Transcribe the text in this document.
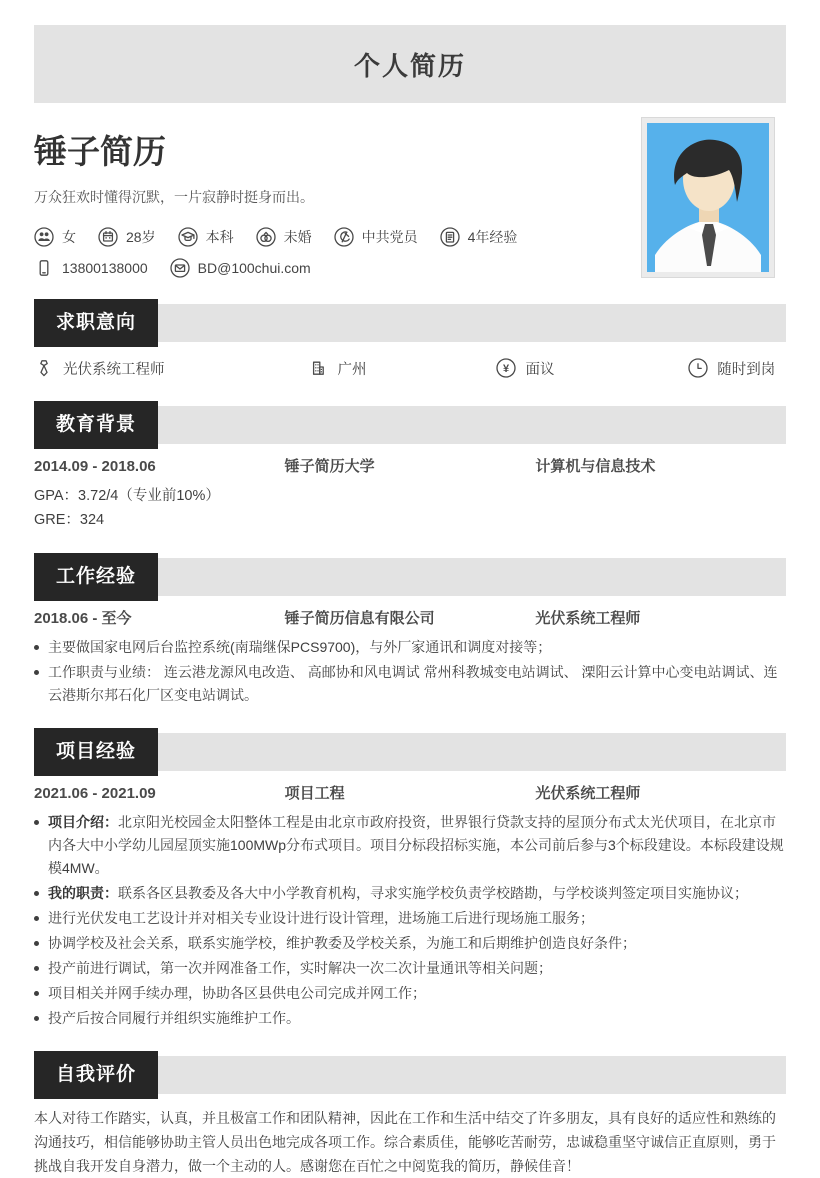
个人简历
锤子简历
万众狂欢时懂得沉默，一片寂静时挺身而出。
女	28岁	本科	未婚	中共党员	4年经验
13800138000	BD@100chui.com
求职意向
光伏系统工程师	广州	¥ 面议	随时到岗
教育背景
2014.09 - 2018.06	锤子简历大学	计算机与信息技术
GPA：3.72/4（专业前10%）
GRE：324
工作经验
2018.06 - 至今	锤子简历信息有限公司	光伏系统工程师

主要做国家电网后台监控系统(南瑞继保PCS9700)，与外厂家通讯和调度对接等；

工作职责与业绩： 连云港龙源风电改造、 高邮协和风电调试 常州科教城变电站调试、 溧阳云计算中心变电站调试、连云港斯尔邦石化厂区变电站调试。

项目经验
2021.06 - 2021.09	项目工程	光伏系统工程师

项目介绍：北京阳光校园金太阳整体工程是由北京市政府投资，世界银行贷款支持的屋顶分布式太光伏项目，在北京市内各大中小学幼儿园屋顶实施100MWp分布式项目。项目分标段招标实施，本公司前后参与3个标段建设。本标段建设规模4MW。

我的职责：联系各区县教委及各大中小学教育机构，寻求实施学校负责学校踏勘，与学校谈判签定项目实施协议；

进行光伏发电工艺设计并对相关专业设计进行设计管理，进场施工后进行现场施工服务；

协调学校及社会关系，联系实施学校，维护教委及学校关系，为施工和后期维护创造良好条件；

投产前进行调试，第一次并网准备工作，实时解决一次二次计量通讯等相关问题；

项目相关并网手续办理，协助各区县供电公司完成并网工作；

投产后按合同履行并组织实施维护工作。

自我评价

本人对待工作踏实，认真，并且极富工作和团队精神，因此在工作和生活中结交了许多朋友，具有良好的适应性和熟练的沟通技巧，相信能够协助主管人员出色地完成各项工作。综合素质佳，能够吃苦耐劳，忠诚稳重坚守诚信正直原则，勇于挑战自我开发自身潜力，做一个主动的人。感谢您在百忙之中阅览我的简历，静候佳音！
